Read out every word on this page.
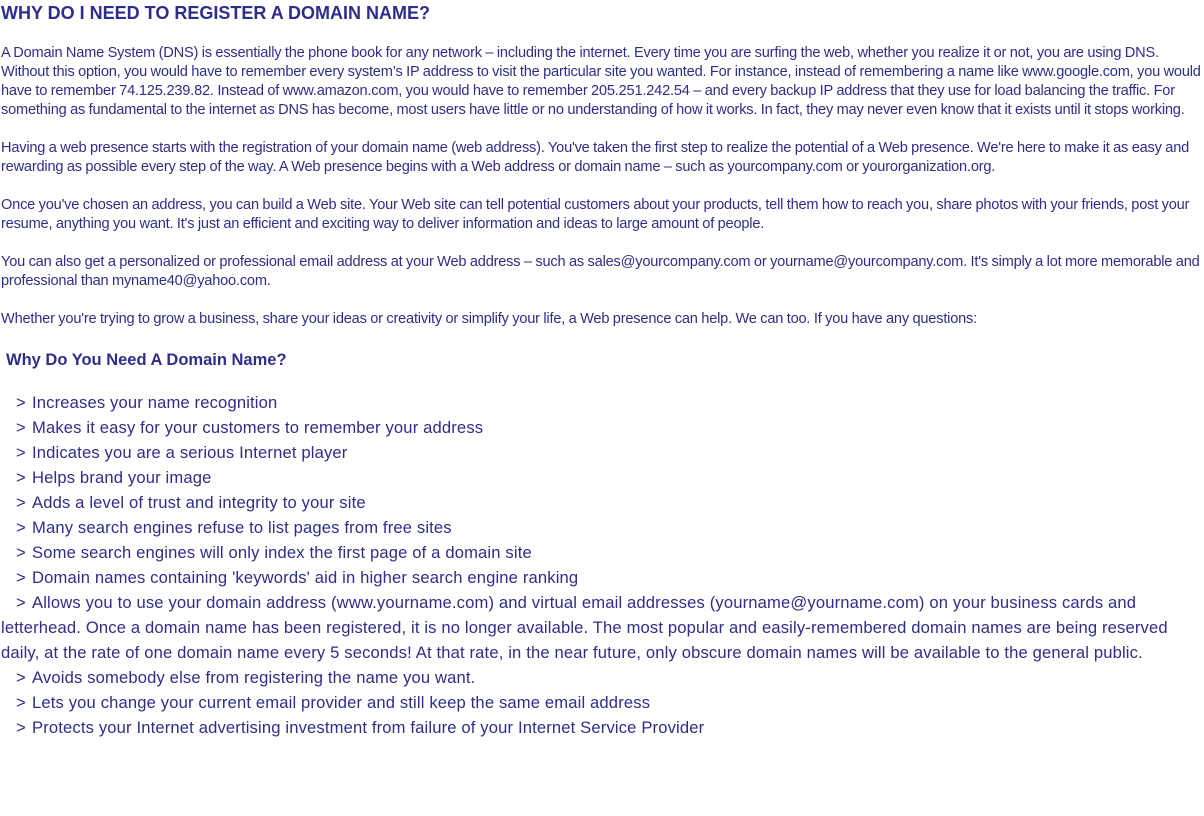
WHY DO I NEED TO REGISTER A DOMAIN NAME?

A Domain Name System (DNS) is essentially the phone book for any network – including the internet. Every time you are surfing the web, whether you realize it or not, you are using DNS. Without this option, you would have to remember every system’s IP address to visit the particular site you wanted. For instance, instead of remembering a name like www.google.com, you would have to remember 74.125.239.82. Instead of www.amazon.com, you would have to remember 205.251.242.54 – and every backup IP address that they use for load balancing the traffic. For something as fundamental to the internet as DNS has become, most users have little or no understanding of how it works. In fact, they may never even know that it exists until it stops working.

Having a web presence starts with the registration of your domain name (web address). You've taken the first step to realize the potential of a Web presence. We're here to make it as easy and rewarding as possible every step of the way. A Web presence begins with a Web address or domain name – such as yourcompany.com or yourorganization.org.

Once you've chosen an address, you can build a Web site. Your Web site can tell potential customers about your products, tell them how to reach you, share photos with your friends, post your resume, anything you want. It's just an efficient and exciting way to deliver information and ideas to large amount of people.

You can also get a personalized or professional email address at your Web address – such as sales@yourcompany.com or yourname@yourcompany.com. It's simply a lot more memorable and professional than myname40@yahoo.com.

Whether you're trying to grow a business, share your ideas or creativity or simplify your life, a Web presence can help. We can too. If you have any questions:

Why Do You Need A Domain Name?
> Increases your name recognition
> Makes it easy for your customers to remember your address
> Indicates you are a serious Internet player
> Helps brand your image
> Adds a level of trust and integrity to your site
> Many search engines refuse to list pages from free sites
> Some search engines will only index the first page of a domain site
> Domain names containing 'keywords' aid in higher search engine ranking
> Allows you to use your domain address (www.yourname.com) and virtual email addresses (yourname@yourname.com) on your business cards and letterhead. Once a domain name has been registered, it is no longer available. The most popular and easily-remembered domain names are being reserved daily, at the rate of one domain name every 5 seconds! At that rate, in the near future, only obscure domain names will be available to the general public.
> Avoids somebody else from registering the name you want.
> Lets you change your current email provider and still keep the same email address
> Protects your Internet advertising investment from failure of your Internet Service Provider
